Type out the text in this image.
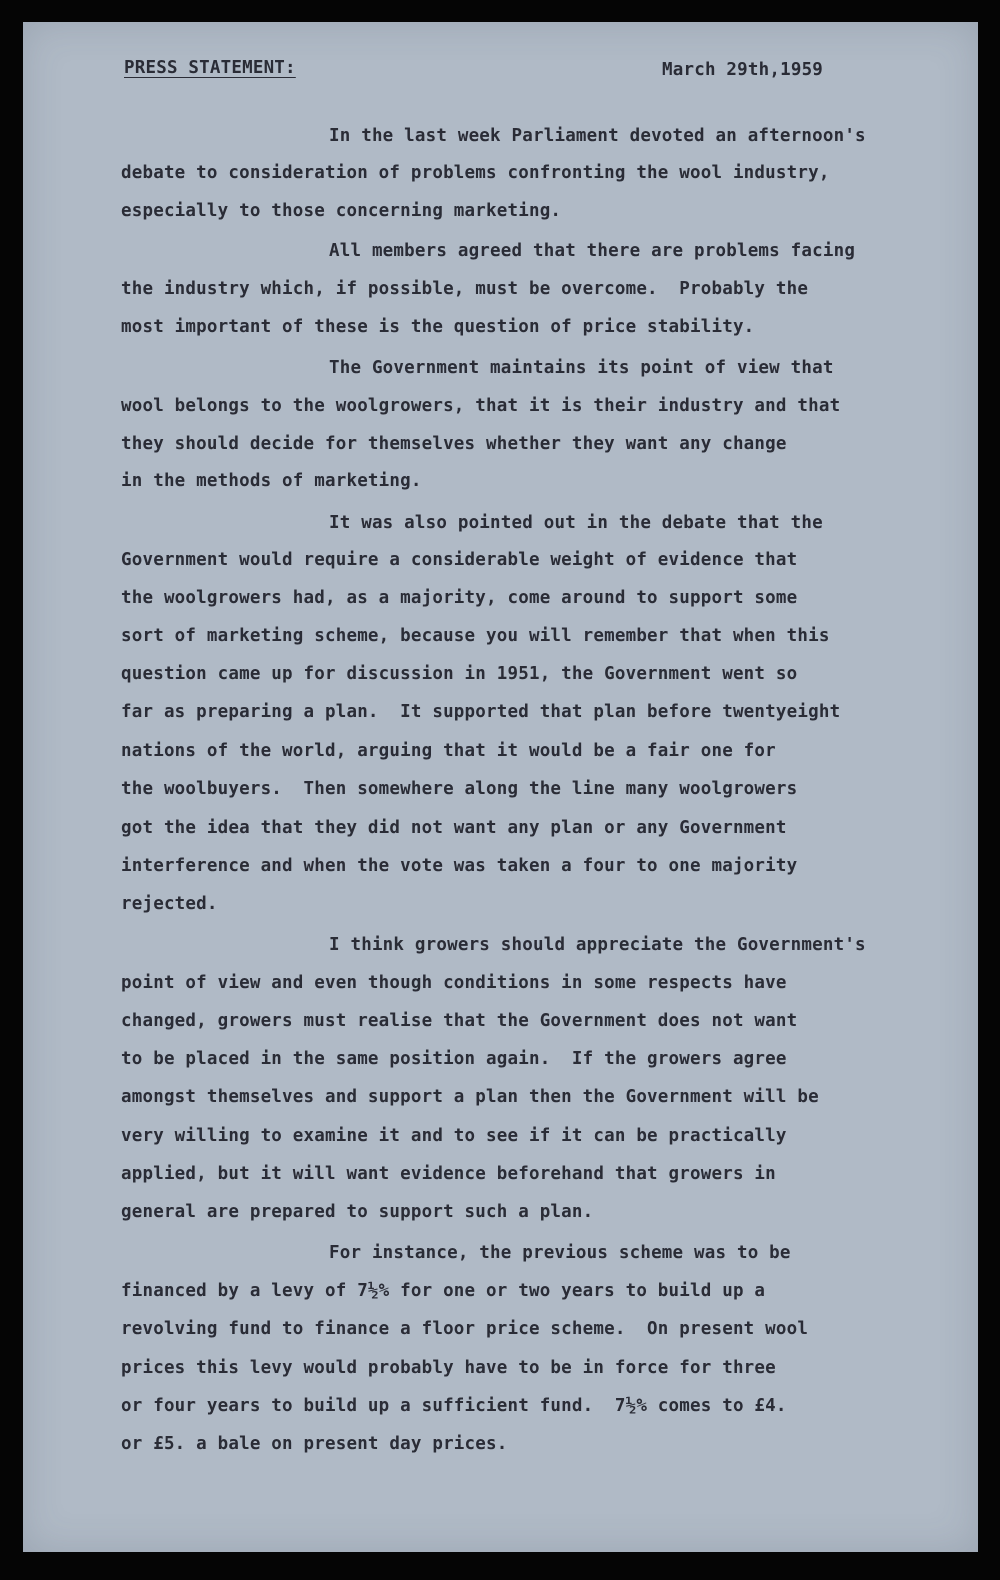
PRESS STATEMENT:	March 29th,1959
In the last week Parliament devoted an afternoon's
debate to consideration of problems confronting the wool industry,
especially to those concerning marketing.
All members agreed that there are problems facing
the industry which, if possible, must be overcome.  Probably the
most important of these is the question of price stability.
The Government maintains its point of view that
wool belongs to the woolgrowers, that it is their industry and that
they should decide for themselves whether they want any change
in the methods of marketing.
It was also pointed out in the debate that the
Government would require a considerable weight of evidence that
the woolgrowers had, as a majority, come around to support some
sort of marketing scheme, because you will remember that when this
question came up for discussion in 1951, the Government went so
far as preparing a plan.  It supported that plan before twentyeight
nations of the world, arguing that it would be a fair one for
the woolbuyers.  Then somewhere along the line many woolgrowers
got the idea that they did not want any plan or any Government
interference and when the vote was taken a four to one majority
rejected.
I think growers should appreciate the Government's
point of view and even though conditions in some respects have
changed, growers must realise that the Government does not want
to be placed in the same position again.  If the growers agree
amongst themselves and support a plan then the Government will be
very willing to examine it and to see if it can be practically
applied, but it will want evidence beforehand that growers in
general are prepared to support such a plan.
For instance, the previous scheme was to be
financed by a levy of 7½% for one or two years to build up a
revolving fund to finance a floor price scheme.  On present wool
prices this levy would probably have to be in force for three
or four years to build up a sufficient fund.  7½% comes to £4.
or £5. a bale on present day prices.
